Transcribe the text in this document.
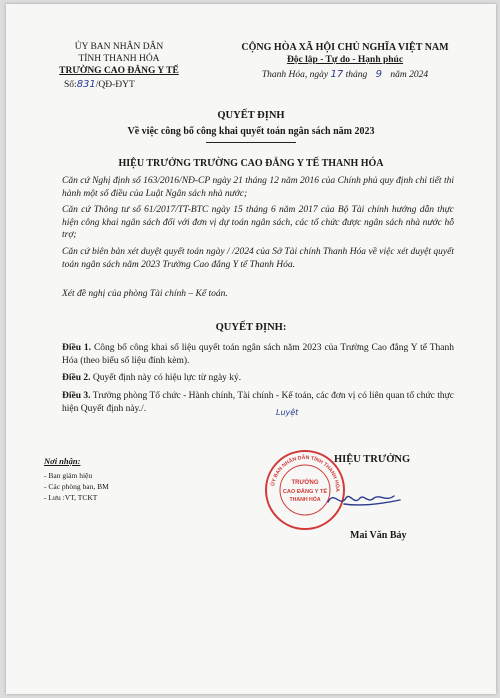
ỦY BAN NHÂN DÂN
TỈNH THANH HÓA
TRƯỜNG CAO ĐẲNG Y TẾ
Số:831/QĐ-ĐYT
CỘNG HÒA XÃ HỘI CHỦ NGHĨA VIỆT NAM
Độc lập - Tự do - Hạnh phúc
Thanh Hóa, ngày 17 tháng 9 năm 2024
QUYẾT ĐỊNH
Về việc công bố công khai quyết toán ngân sách năm 2023
HIỆU TRƯỞNG TRƯỜNG CAO ĐẲNG Y TẾ THANH HÓA
Căn cứ Nghị định số 163/2016/NĐ-CP ngày 21 tháng 12 năm 2016 của Chính phủ quy định chi tiết thi hành một số điều của Luật Ngân sách nhà nước;
Căn cứ Thông tư số 61/2017/TT-BTC ngày 15 tháng 6 năm 2017 của Bộ Tài chính hướng dẫn thực hiện công khai ngân sách đối với đơn vị dự toán ngân sách, các tổ chức được ngân sách nhà nước hỗ trợ;
Căn cứ biên bản xét duyệt quyết toán ngày / /2024 của Sở Tài chính Thanh Hóa về việc xét duyệt quyết toán ngân sách năm 2023 Trường Cao đẳng Y tế Thanh Hóa.
Xét đề nghị của phòng Tài chính – Kế toán.
QUYẾT ĐỊNH:
Điều 1. Công bố công khai số liệu quyết toán ngân sách năm 2023 của Trường Cao đẳng Y tế Thanh Hóa (theo biểu số liệu đính kèm).
Điều 2. Quyết định này có hiệu lực từ ngày ký.
Điều 3. Trưởng phòng Tổ chức - Hành chính, Tài chính - Kế toán, các đơn vị có liên quan tổ chức thực hiện Quyết định này./.	Luyệt
Nơi nhận:
- Ban giám hiệu
- Các phòng ban, BM
- Lưu :VT, TCKT
HIỆU TRƯỞNG
ỦY BAN NHÂN DÂN TỈNH THANH HÓA
TRƯỜNG
CAO ĐẲNG Y TẾ
THANH HÓA
Mai Văn Bảy
